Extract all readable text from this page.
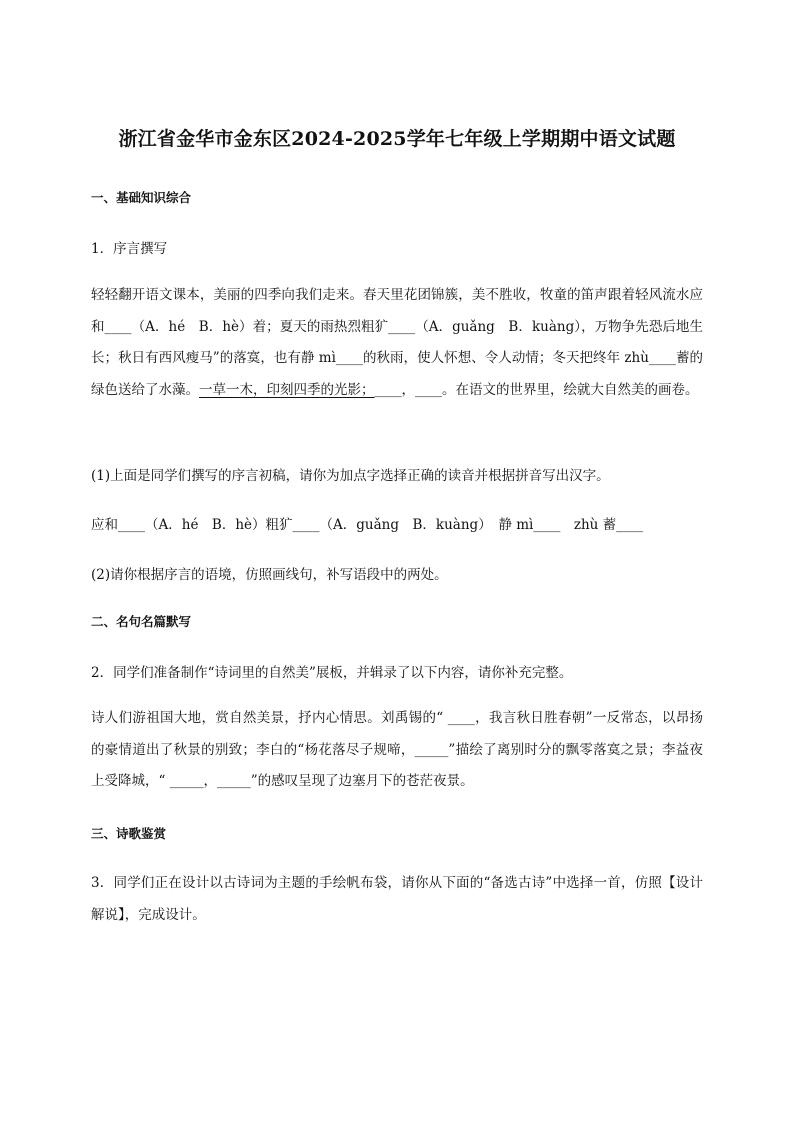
浙江省金华市金东区2024-2025学年七年级上学期期中语文试题
一、基础知识综合
1．序言撰写
轻轻翻开语文课本，美丽的四季向我们走来。春天里花团锦簇，美不胜收，牧童的笛声跟着轻风流水应和____（A．hé　B．hè）着；夏天的雨热烈粗犷____（A．guǎng　B．kuàng），万物争先恐后地生长；秋日有西风瘦马”的落寞，也有静 mì____的秋雨，使人怀想、令人动情；冬天把终年 zhù____蓄的绿色送给了水藻。一草一木，印刻四季的光影；____，____。在语文的世界里，绘就大自然美的画卷。
(1)上面是同学们撰写的序言初稿，请你为加点字选择正确的读音并根据拼音写出汉字。
应和____（A．hé　B．hè）粗犷____（A．guǎng　B．kuàng）　静 mì____　zhù 蓄____
(2)请你根据序言的语境，仿照画线句，补写语段中的两处。
二、名句名篇默写
2．同学们准备制作“诗词里的自然美”展板，并辑录了以下内容，请你补充完整。
诗人们游祖国大地，赏自然美景，抒内心情思。刘禹锡的“ ____，我言秋日胜春朝”一反常态，以昂扬的豪情道出了秋景的别致；李白的“杨花落尽子规啼，_____”描绘了离别时分的飘零落寞之景；李益夜上受降城，“ _____，_____”的感叹呈现了边塞月下的苍茫夜景。
三、诗歌鉴赏
3．同学们正在设计以古诗词为主题的手绘帆布袋，请你从下面的“备选古诗”中选择一首，仿照【设计解说】，完成设计。
